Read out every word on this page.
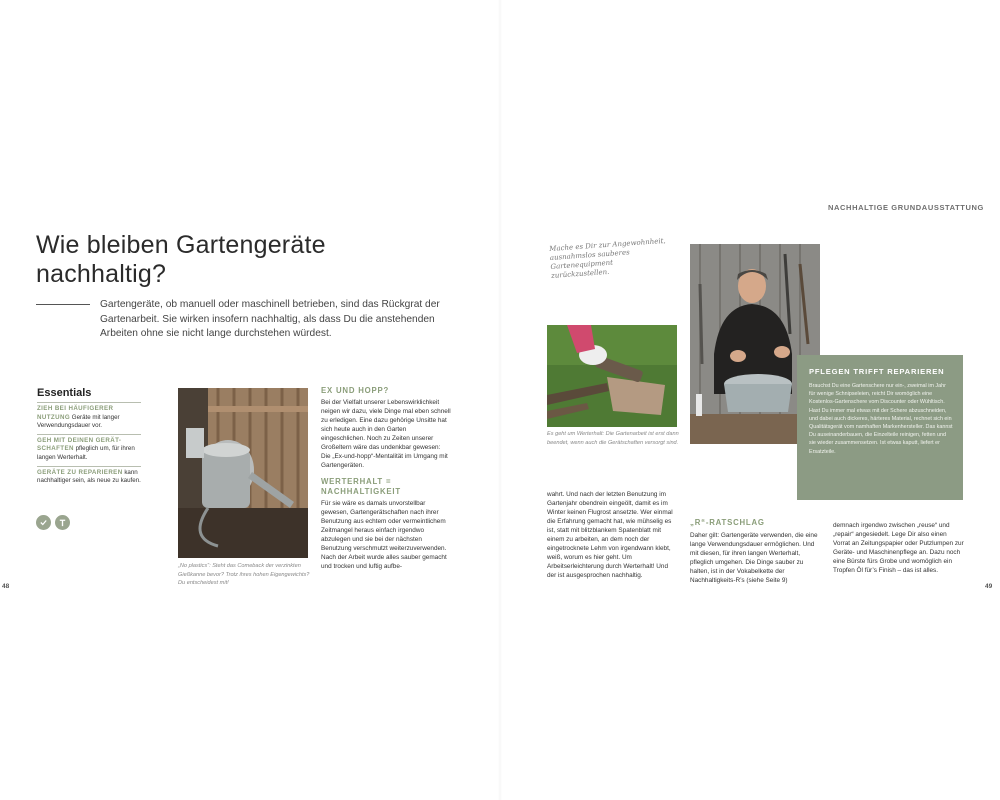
NACHHALTIGE GRUNDAUSSTATTUNG
Wie bleiben Gartengeräte nachhaltig?

Gartengeräte, ob manuell oder maschinell betrieben, sind das Rückgrat der Gartenarbeit. Sie wirken insofern nachhaltig, als dass Du die anstehenden Arbeiten ohne sie nicht lange durchstehen würdest.

Essentials
ZIEH BEI HÄUFIGERER NUTZUNG Geräte mit langer Verwendungsdauer vor.
GEH MIT DEINEN GERÄT-SCHAFTEN pfleglich um, für ihren langen Werterhalt.
GERÄTE ZU REPARIEREN kann nachhaltiger sein, als neue zu kaufen.
„No plastics“: Steht das Comeback der verzinkten Gießkanne bevor? Trotz ihres hohen Eigengewichts? Du entscheidest mit!
EX UND HOPP?

Bei der Vielfalt unserer Lebenswirklichkeit neigen wir dazu, viele Dinge mal eben schnell zu erledigen. Eine dazu gehörige Unsitte hat sich heute auch in den Garten eingeschlichen. Noch zu Zeiten unserer Großeltern wäre das undenkbar gewesen: Die „Ex-und-hopp“-Mentalität im Umgang mit Gartengeräten.

WERTERHALT = NACHHALTIGKEIT

Für sie wäre es damals unvorstellbar gewesen, Gartengerätschaften nach ihrer Benutzung aus echtem oder vermeintlichem Zeitmangel heraus einfach irgendwo abzulegen und sie bei der nächsten Benutzung verschmutzt weiterzuverwenden. Nach der Arbeit wurde alles sauber gemacht und trocken und luftig aufbe-

Mache es Dir zur Angewohnheit, ausnahmslos sauberes Gartenequipment zurückzustellen.
Es geht um Werterhalt: Die Gartenarbeit ist erst dann beendet, wenn auch die Gerätschaften versorgt sind.
PFLEGEN TRIFFT REPARIEREN
Brauchst Du eine Gartenschere nur ein-, zweimal im Jahr für wenige Schnipseleien, reicht Dir womöglich eine Kostenlos-Gartenschere vom Discounter oder Wühltisch. Hast Du immer mal etwas mit der Schere abzuschneiden, und dabei auch dickeres, härteres Material, rechnet sich ein Qualitätsgerät vom namhaften Markenhersteller. Das kannst Du auseinanderbauen, die Einzelteile reinigen, fetten und sie wieder zusammensetzen. Ist etwas kaputt, liefert er Ersatzteile.

wahrt. Und nach der letzten Benutzung im Gartenjahr obendrein eingeölt, damit es im Winter keinen Flugrost ansetzte. Wer einmal die Erfahrung gemacht hat, wie mühselig es ist, statt mit blitzblankem Spatenblatt mit einem zu arbeiten, an dem noch der eingetrocknete Lehm von irgendwann klebt, weiß, worum es hier geht. Um Arbeitserleichterung durch Werterhalt! Und der ist ausgesprochen nachhaltig.

„R“-RATSCHLAG

Daher gilt: Gartengeräte verwenden, die eine lange Verwendungsdauer ermöglichen. Und mit diesen, für ihren langen Werterhalt, pfleglich umgehen. Die Dinge sauber zu halten, ist in der Vokabelkette der Nachhaltigkeits-R’s (siehe Seite 9)

demnach irgendwo zwischen „reuse“ und „repair“ angesiedelt. Lege Dir also einen Vorrat an Zeitungspapier oder Putzlumpen zur Geräte- und Maschinenpflege an. Dazu noch eine Bürste fürs Grobe und womöglich ein Tropfen Öl für’s Finish – das ist alles.

48	49
